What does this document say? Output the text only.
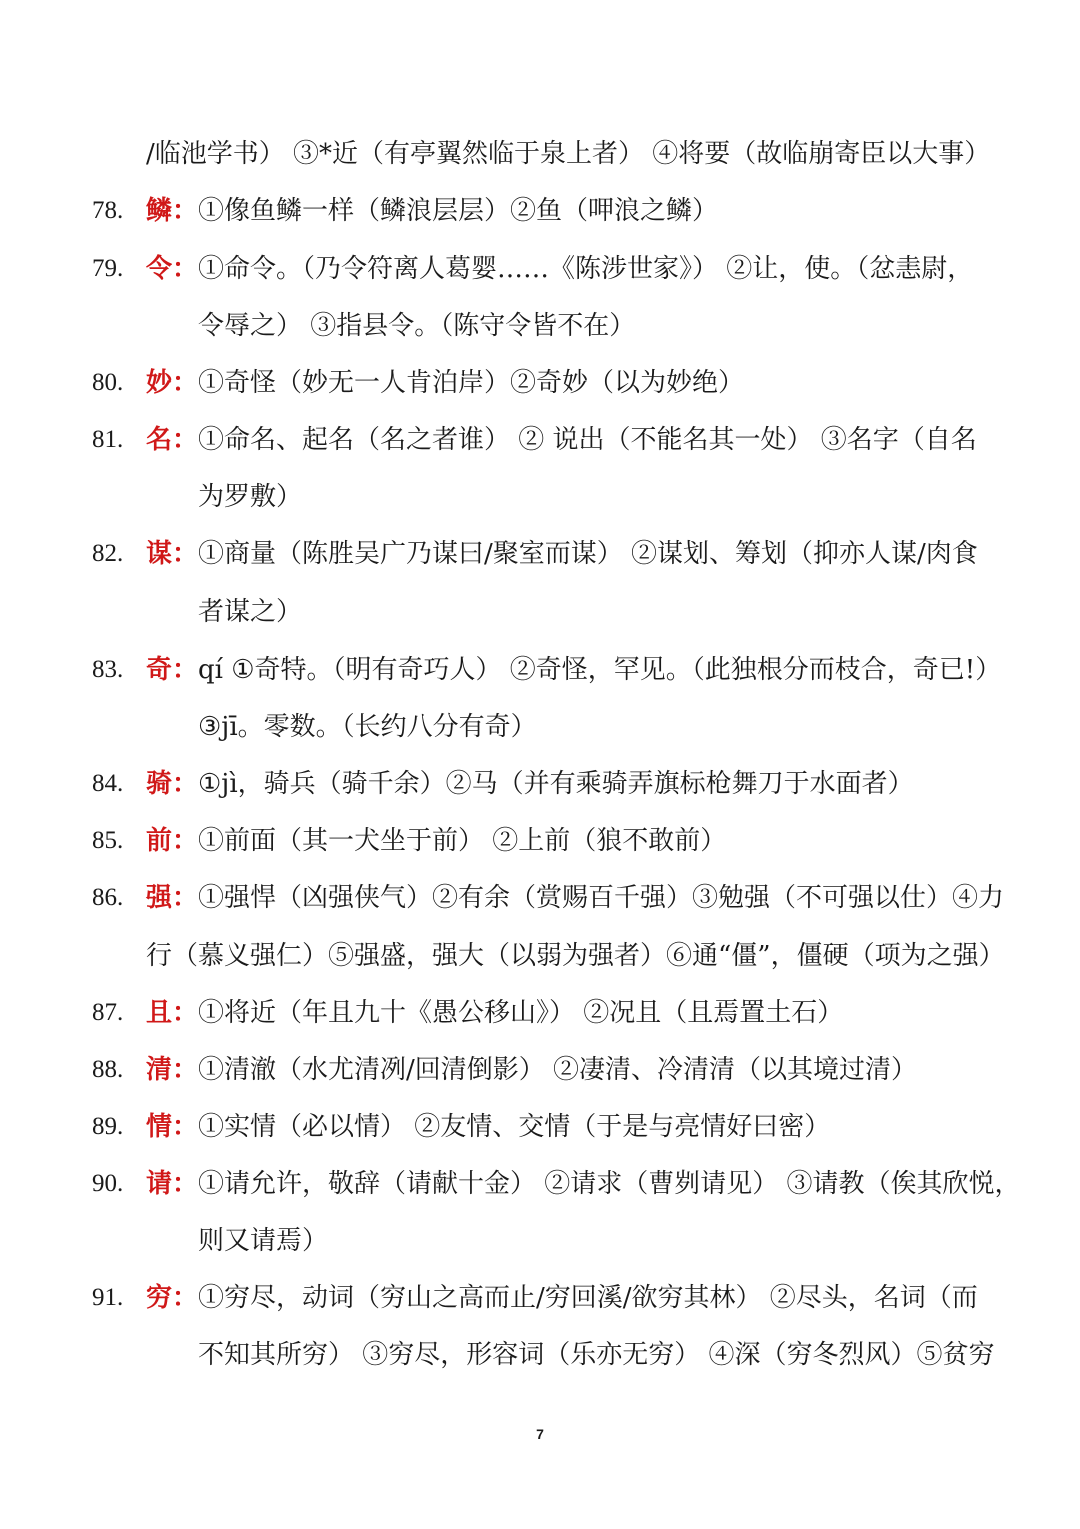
/临池学书） ③*近（有亭翼然临于泉上者） ④将要（故临崩寄臣以大事）
78. 鳞： ①像鱼鳞一样（鳞浪层层）②鱼（呷浪之鳞）
79. 令： ①命令。（乃令符离人葛婴……《陈涉世家》） ②让，使。（忿恚尉，
令辱之） ③指县令。（陈守令皆不在）
80. 妙： ①奇怪（妙无一人肯泊岸）②奇妙（以为妙绝）
81. 名： ①命名、起名（名之者谁） ② 说出（不能名其一处） ③名字（自名
为罗敷）
82. 谋： ①商量（陈胜吴广乃谋曰/聚室而谋） ②谋划、筹划（抑亦人谋/肉食
者谋之）
83. 奇： qí ①奇特。（明有奇巧人） ②奇怪，罕见。（此独根分而枝合，奇已!）
③jī。零数。（长约八分有奇）
84. 骑： ①jì，骑兵（骑千余）②马（并有乘骑弄旗标枪舞刀于水面者）
85. 前： ①前面（其一犬坐于前） ②上前（狼不敢前）
86. 强： ①强悍（凶强侠气）②有余（赏赐百千强）③勉强（不可强以仕）④力
行（慕义强仁）⑤强盛，强大（以弱为强者）⑥通“僵”，僵硬（项为之强）
87. 且： ①将近（年且九十《愚公移山》） ②况且（且焉置土石）
88. 清： ①清澈（水尤清冽/回清倒影） ②凄清、冷清清（以其境过清）
89. 情： ①实情（必以情） ②友情、交情（于是与亮情好曰密）
90. 请： ①请允许，敬辞（请献十金） ②请求（曹刿请见） ③请教（俟其欣悦，
则又请焉）
91. 穷： ①穷尽，动词（穷山之高而止/穷回溪/欲穷其林） ②尽头，名词（而
不知其所穷） ③穷尽，形容词（乐亦无穷） ④深（穷冬烈风）⑤贫穷
7
